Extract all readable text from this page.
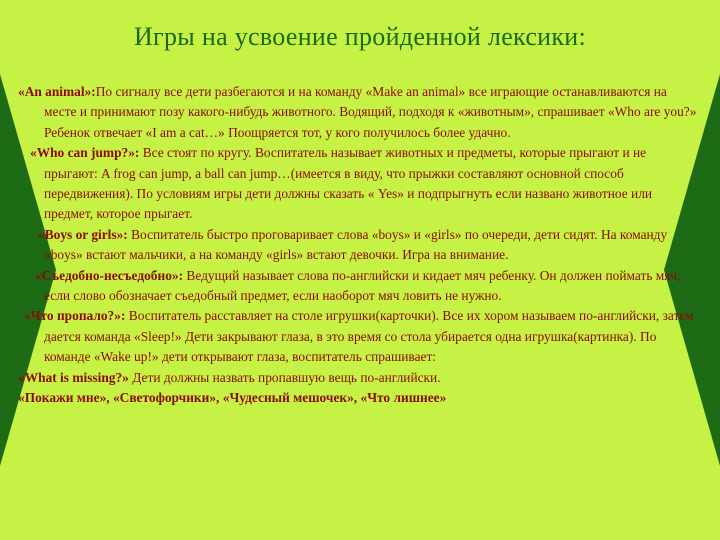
Игры на усвоение пройденной лексики:

«An animal»:По сигналу все дети разбегаются и на команду «Make an animal» все играющие останавливаются на месте и принимают позу какого-нибудь животного. Водящий, подходя к «животным», спрашивает «Who are you?» Ребенок отвечает «I am a cat…» Поощряется тот, у кого получилось более удачно.

«Who can jump?»: Все стоят по кругу. Воспитатель называет животных и предметы, которые прыгают и не прыгают: A frog can jump, a ball can jump…(имеется в виду, что прыжки составляют основной способ передвижения). По условиям игры дети должны сказать « Yes» и подпрыгнуть если названо животное или предмет, которое прыгает.

«Boys or girls»: Воспитатель быстро проговаривает слова «boys» и «girls» по очереди, дети сидят. На команду «boys» встают мальчики, а на команду «girls» встают девочки. Игра на внимание.

«Съедобно-несъедобно»: Ведущий называет слова по-английски и кидает мяч ребенку. Он должен поймать мяч, если слово обозначает съедобный предмет, если наоборот мяч ловить не нужно.

«Что пропало?»: Воспитатель расставляет на столе игрушки(карточки). Все их хором называем по-английски, затем дается команда «Sleep!» Дети закрывают глаза, в это время со стола убирается одна игрушка(картинка). По команде «Wake up!» дети открывают глаза, воспитатель спрашивает:

«What is missing?» Дети должны назвать пропавшую вещь по-английски.

«Покажи мне», «Светофорчики», «Чудесный мешочек», «Что лишнее»
